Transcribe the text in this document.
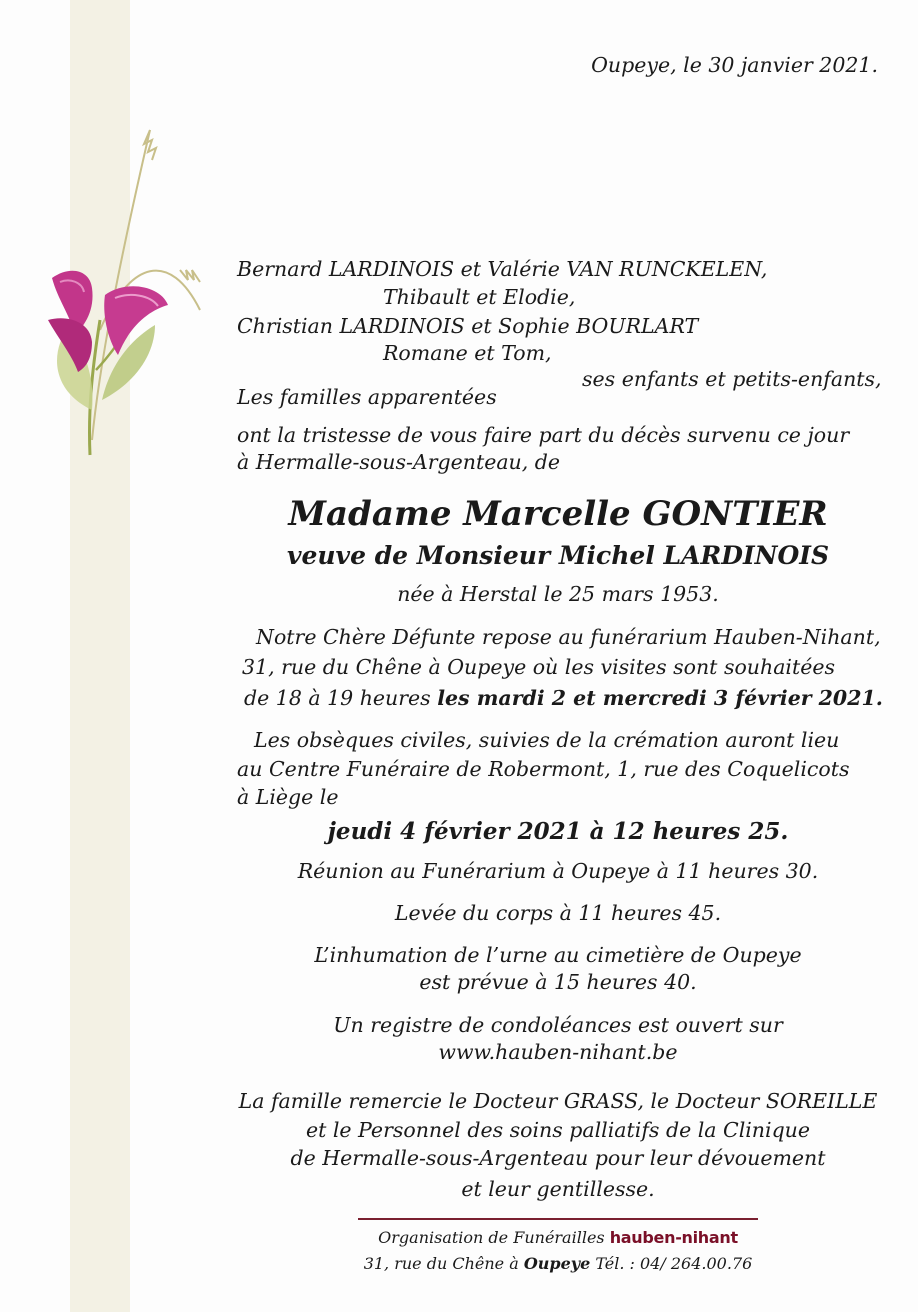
Oupeye, le 30 janvier 2021.
Bernard LARDINOIS et Valérie VAN RUNCKELEN,
Thibault et Elodie,
Christian LARDINOIS et Sophie BOURLART
Romane et Tom,
ses enfants et petits-enfants,
Les familles apparentées
ont la tristesse de vous faire part du décès survenu ce jour
à Hermalle-sous-Argenteau, de
Madame Marcelle GONTIER
veuve de Monsieur Michel LARDINOIS
née à Herstal le 25 mars 1953.
Notre Chère Défunte repose au funérarium Hauben-Nihant,
31, rue du Chêne à Oupeye où les visites sont souhaitées
de 18 à 19 heures les mardi 2 et mercredi 3 février 2021.
Les obsèques civiles, suivies de la crémation auront lieu
au Centre Funéraire de Robermont, 1, rue des Coquelicots
à Liège le
jeudi 4 février 2021 à 12 heures 25.
Réunion au Funérarium à Oupeye à 11 heures 30.
Levée du corps à 11 heures 45.
L’inhumation de l’urne au cimetière de Oupeye
est prévue à 15 heures 40.
Un registre de condoléances est ouvert sur
www.hauben-nihant.be
La famille remercie le Docteur GRASS, le Docteur SOREILLE
et le Personnel des soins palliatifs de la Clinique
de Hermalle-sous-Argenteau pour leur dévouement
et leur gentillesse.
Organisation de Funérailles hauben-nihant
31, rue du Chêne à Oupeye Tél. : 04/ 264.00.76
